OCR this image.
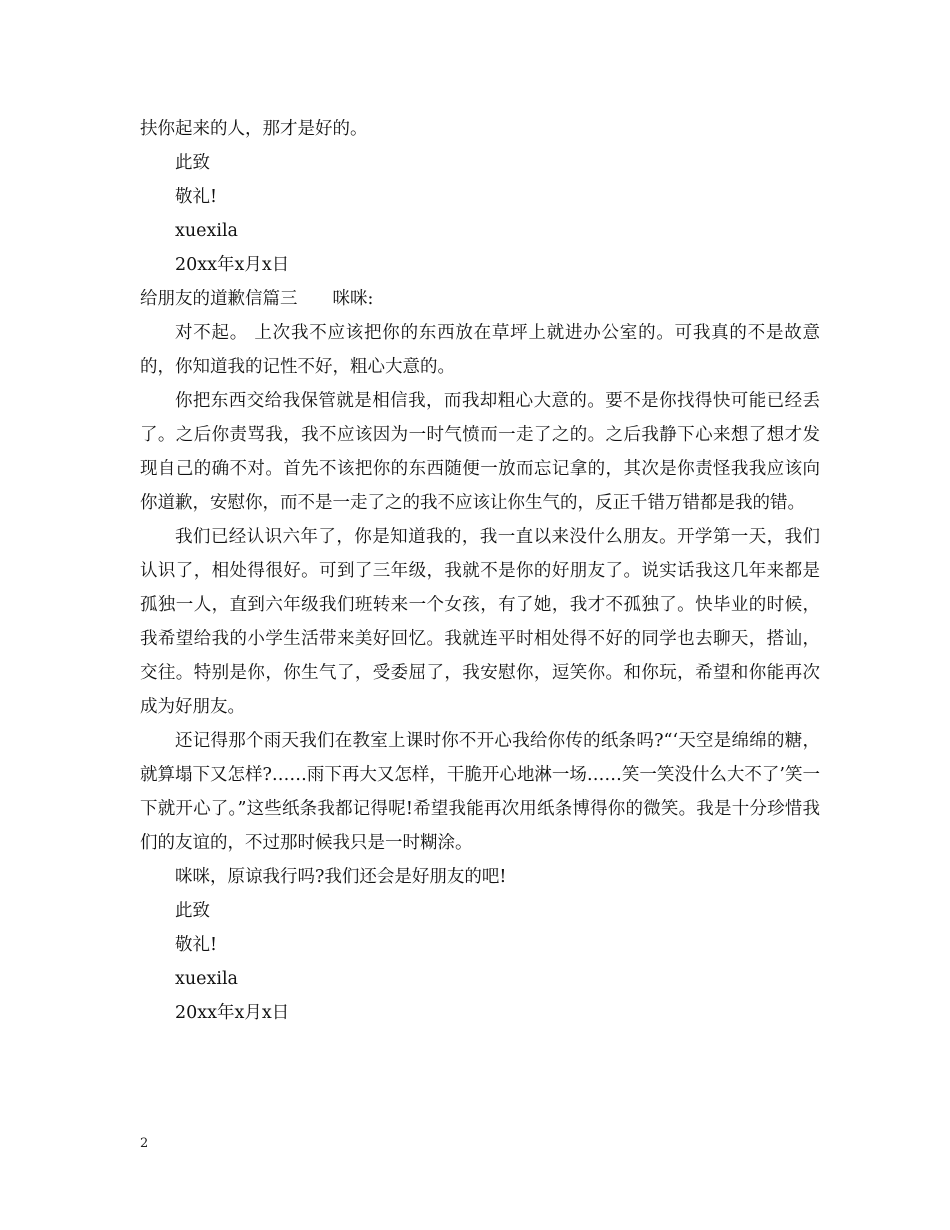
扶你起来的人，那才是好的。

此致

敬礼!

xuexila

20xx年x月x日

给朋友的道歉信篇三　　咪咪:

对不起。 上次我不应该把你的东西放在草坪上就进办公室的。可我真的不是故意的，你知道我的记性不好，粗心大意的。

你把东西交给我保管就是相信我，而我却粗心大意的。要不是你找得快可能已经丢了。之后你责骂我，我不应该因为一时气愤而一走了之的。之后我静下心来想了想才发现自己的确不对。首先不该把你的东西随便一放而忘记拿的，其次是你责怪我我应该向你道歉，安慰你，而不是一走了之的我不应该让你生气的，反正千错万错都是我的错。

我们已经认识六年了，你是知道我的，我一直以来没什么朋友。开学第一天，我们认识了，相处得很好。可到了三年级，我就不是你的好朋友了。说实话我这几年来都是孤独一人，直到六年级我们班转来一个女孩，有了她，我才不孤独了。快毕业的时候，我希望给我的小学生活带来美好回忆。我就连平时相处得不好的同学也去聊天，搭讪，交往。特别是你，你生气了，受委屈了，我安慰你，逗笑你。和你玩，希望和你能再次成为好朋友。

还记得那个雨天我们在教室上课时你不开心我给你传的纸条吗?“‘天空是绵绵的糖，就算塌下又怎样?……雨下再大又怎样，干脆开心地淋一场……笑一笑没什么大不了’笑一下就开心了。”这些纸条我都记得呢!希望我能再次用纸条博得你的微笑。我是十分珍惜我们的友谊的，不过那时候我只是一时糊涂。

咪咪，原谅我行吗?我们还会是好朋友的吧!

此致

敬礼!

xuexila

20xx年x月x日

2
